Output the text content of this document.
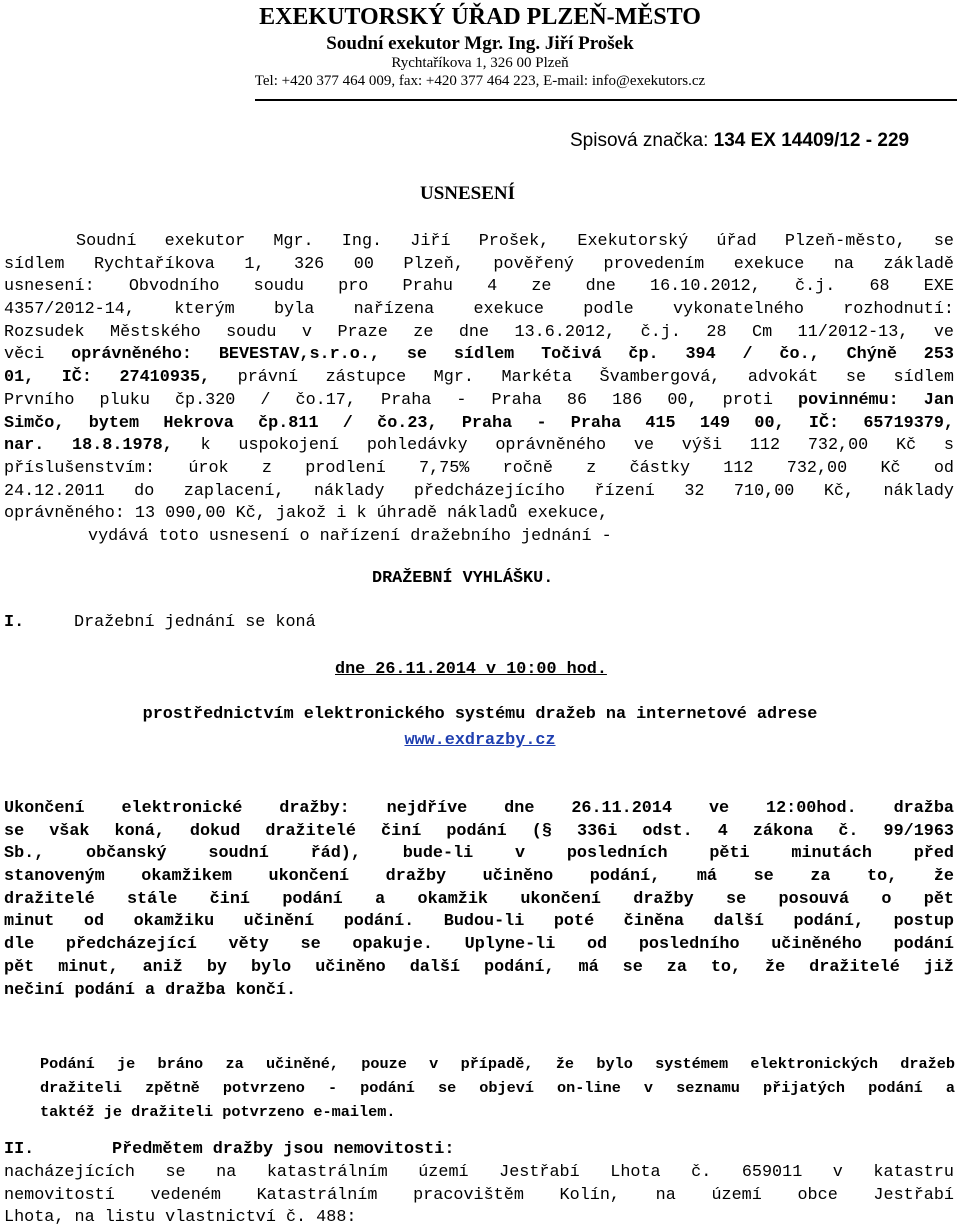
EXEKUTORSKÝ ÚŘAD PLZEŇ-MĚSTO
Soudní exekutor Mgr. Ing. Jiří Prošek
Rychtaříkova 1, 326 00 Plzeň
Tel: +420 377 464 009, fax: +420 377 464 223, E-mail: info@exekutors.cz
Spisová značka: 134 EX 14409/12 - 229
USNESENÍ
Soudní exekutor Mgr. Ing. Jiří Prošek, Exekutorský úřad Plzeň-město, se
sídlem Rychtaříkova 1, 326 00 Plzeň, pověřený provedením exekuce na základě
usnesení: Obvodního soudu pro Prahu 4 ze dne 16.10.2012, č.j. 68 EXE
4357/2012-14, kterým byla nařízena exekuce podle vykonatelného rozhodnutí:
Rozsudek Městského soudu v Praze ze dne 13.6.2012, č.j. 28 Cm 11/2012-13, ve
věci oprávněného: BEVESTAV,s.r.o., se sídlem Točivá čp. 394 / čo., Chýně 253
01, IČ: 27410935, právní zástupce Mgr. Markéta Švambergová, advokát se sídlem
Prvního pluku čp.320 / čo.17, Praha - Praha 86 186 00, proti povinnému: Jan
Simčo, bytem Hekrova čp.811 / čo.23, Praha - Praha 415 149 00, IČ: 65719379,
nar. 18.8.1978, k uspokojení pohledávky oprávněného ve výši 112 732,00 Kč s
příslušenstvím: úrok z prodlení 7,75% ročně z částky 112 732,00 Kč od
24.12.2011 do zaplacení, náklady předcházejícího řízení 32 710,00 Kč, náklady
oprávněného: 13 090,00 Kč, jakož i k úhradě nákladů exekuce,
vydává toto usnesení o nařízení dražebního jednání -
DRAŽEBNÍ VYHLÁŠKU.
I.	Dražební jednání se koná
dne 26.11.2014 v 10:00 hod.
prostřednictvím elektronického systému dražeb na internetové adrese
www.exdrazby.cz
Ukončení elektronické dražby: nejdříve dne 26.11.2014 ve 12:00hod. dražba
se však koná, dokud dražitelé činí podání (§ 336i odst. 4 zákona č. 99/1963
Sb., občanský soudní řád), bude-li v posledních pěti minutách před
stanoveným okamžikem ukončení dražby učiněno podání, má se za to, že
dražitelé stále činí podání a okamžik ukončení dražby se posouvá o pět
minut od okamžiku učinění podání. Budou-li poté činěna další podání, postup
dle předcházející věty se opakuje. Uplyne-li od posledního učiněného podání
pět minut, aniž by bylo učiněno další podání, má se za to, že dražitelé již
nečiní podání a dražba končí.
Podání je bráno za učiněné, pouze v případě, že bylo systémem elektronických dražeb
dražiteli zpětně potvrzeno - podání se objeví on-line v seznamu přijatých podání a
taktéž je dražiteli potvrzeno e-mailem.
II.	Předmětem dražby jsou nemovitosti:
nacházejících se na katastrálním území Jestřabí Lhota č. 659011 v katastru
nemovitostí vedeném Katastrálním pracovištěm Kolín, na území obce Jestřabí
Lhota, na listu vlastnictví č. 488:
